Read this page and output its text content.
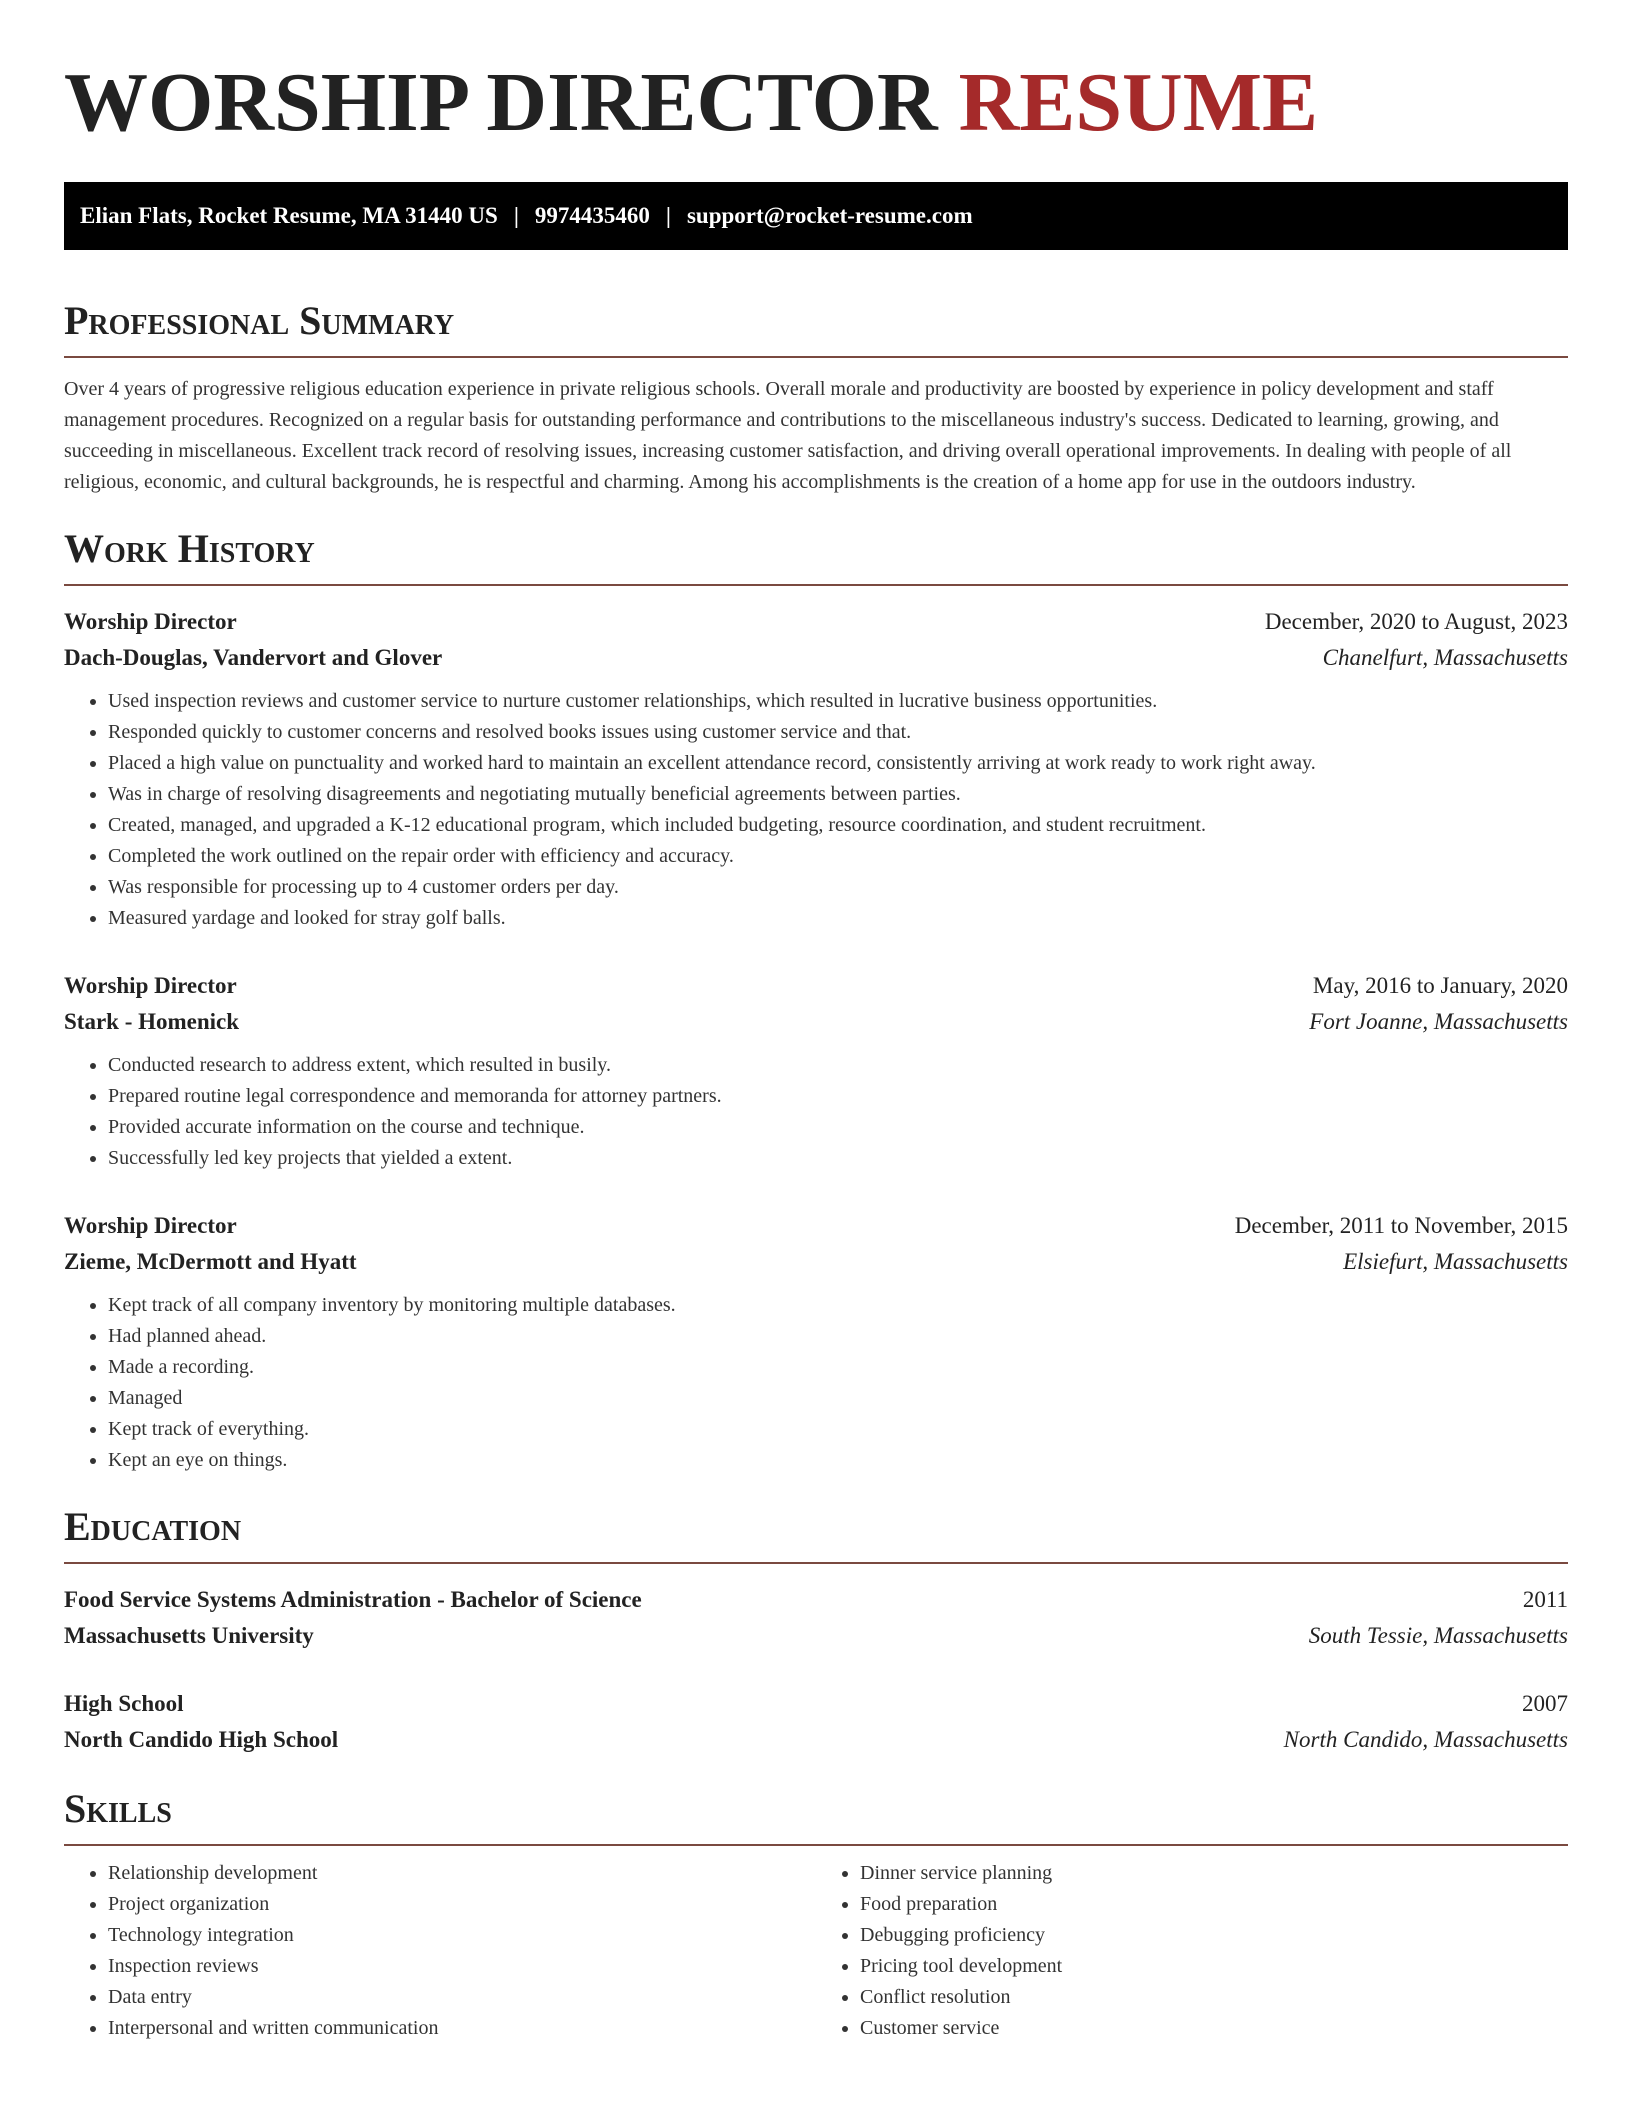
WORSHIP DIRECTOR RESUME
Elian Flats, Rocket Resume, MA 31440 US | 9974435460 | support@rocket-resume.com
Professional Summary

Over 4 years of progressive religious education experience in private religious schools. Overall morale and productivity are boosted by experience in policy development and staff management procedures. Recognized on a regular basis for outstanding performance and contributions to the miscellaneous industry's success. Dedicated to learning, growing, and succeeding in miscellaneous. Excellent track record of resolving issues, increasing customer satisfaction, and driving overall operational improvements. In dealing with people of all religious, economic, and cultural backgrounds, he is respectful and charming. Among his accomplishments is the creation of a home app for use in the outdoors industry.

Work History
Worship Director	December, 2020 to August, 2023
Dach-Douglas, Vandervort and Glover	Chanelfurt, Massachusetts
• Used inspection reviews and customer service to nurture customer relationships, which resulted in lucrative business opportunities.
• Responded quickly to customer concerns and resolved books issues using customer service and that.
• Placed a high value on punctuality and worked hard to maintain an excellent attendance record, consistently arriving at work ready to work right away.
• Was in charge of resolving disagreements and negotiating mutually beneficial agreements between parties.
• Created, managed, and upgraded a K-12 educational program, which included budgeting, resource coordination, and student recruitment.
• Completed the work outlined on the repair order with efficiency and accuracy.
• Was responsible for processing up to 4 customer orders per day.
• Measured yardage and looked for stray golf balls.
Worship Director	May, 2016 to January, 2020
Stark - Homenick	Fort Joanne, Massachusetts
• Conducted research to address extent, which resulted in busily.
• Prepared routine legal correspondence and memoranda for attorney partners.
• Provided accurate information on the course and technique.
• Successfully led key projects that yielded a extent.
Worship Director	December, 2011 to November, 2015
Zieme, McDermott and Hyatt	Elsiefurt, Massachusetts
• Kept track of all company inventory by monitoring multiple databases.
• Had planned ahead.
• Made a recording.
• Managed
• Kept track of everything.
• Kept an eye on things.
Education
Food Service Systems Administration - Bachelor of Science	2011
Massachusetts University	South Tessie, Massachusetts
High School	2007
North Candido High School	North Candido, Massachusetts
Skills
• Relationship development
• Project organization
• Technology integration
• Inspection reviews
• Data entry
• Interpersonal and written communication
• Dinner service planning
• Food preparation
• Debugging proficiency
• Pricing tool development
• Conflict resolution
• Customer service
